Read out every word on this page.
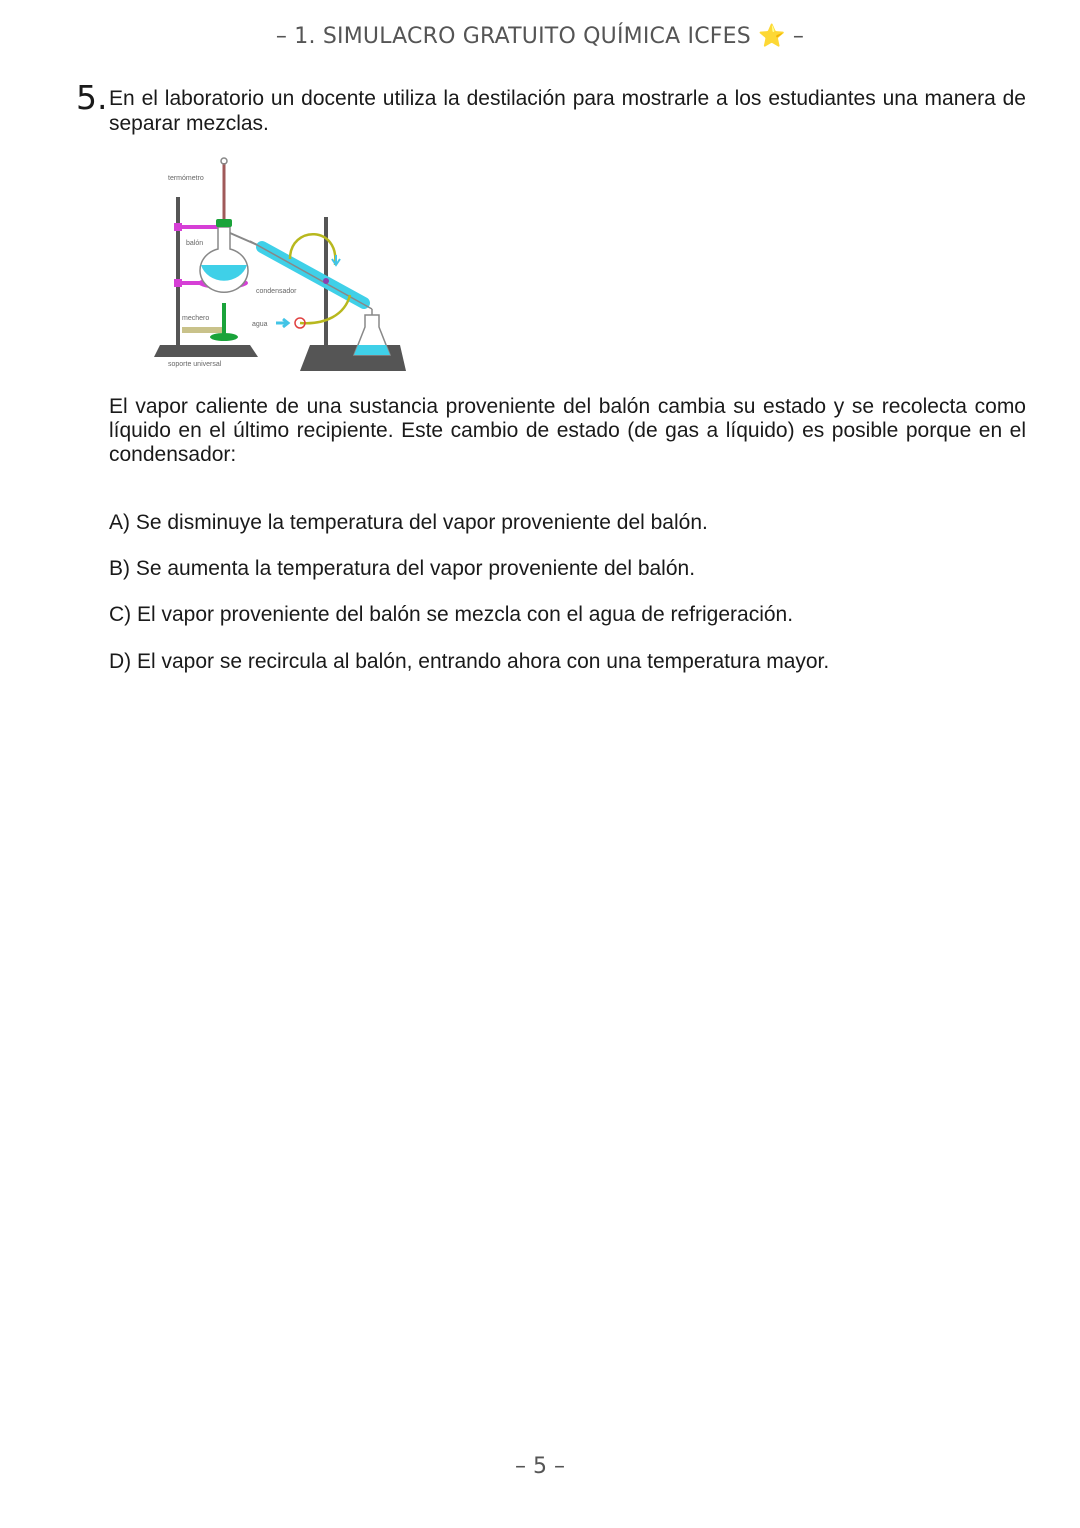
– 1. SIMULACRO GRATUITO QUÍMICA ICFES ⭐ –
5. En el laboratorio un docente utiliza la destilación para mostrarle a los estudiantes una manera de separar mezclas.
termómetro
balón
condensador
mechero
agua
soporte universal
El vapor caliente de una sustancia proveniente del balón cambia su estado y se recolecta como líquido en el último recipiente. Este cambio de estado (de gas a líquido) es posible porque en el condensador:
A) Se disminuye la temperatura del vapor proveniente del balón.
B) Se aumenta la temperatura del vapor proveniente del balón.
C) El vapor proveniente del balón se mezcla con el agua de refrigeración.
D) El vapor se recircula al balón, entrando ahora con una temperatura mayor.
– 5 –
